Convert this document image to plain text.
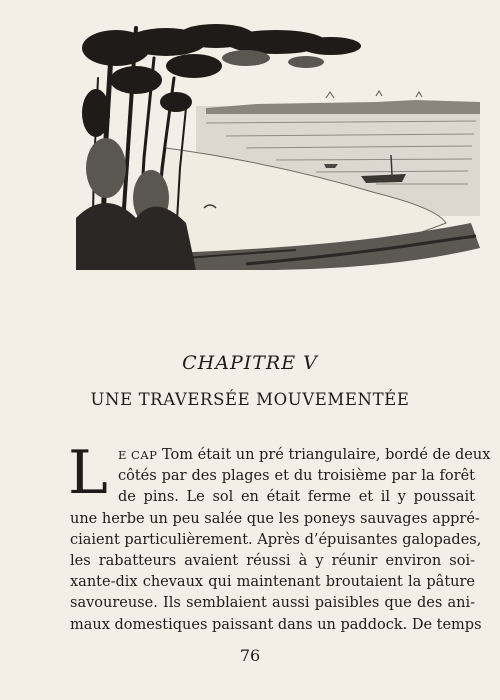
CHAPITRE V
UNE TRAVERSÉE MOUVEMENTÉE
L E CAP Tom était un pré triangulaire, bordé de deux
côtés par des plages et du troisième par la forêt
de pins. Le sol en était ferme et il y poussait
une herbe un peu salée que les poneys sauvages appré-
ciaient particulièrement. Après d’épuisantes galopades,
les rabatteurs avaient réussi à y réunir environ soi-
xante-dix chevaux qui maintenant broutaient la pâture
savoureuse. Ils semblaient aussi paisibles que des ani-
maux domestiques paissant dans un paddock. De temps
76
